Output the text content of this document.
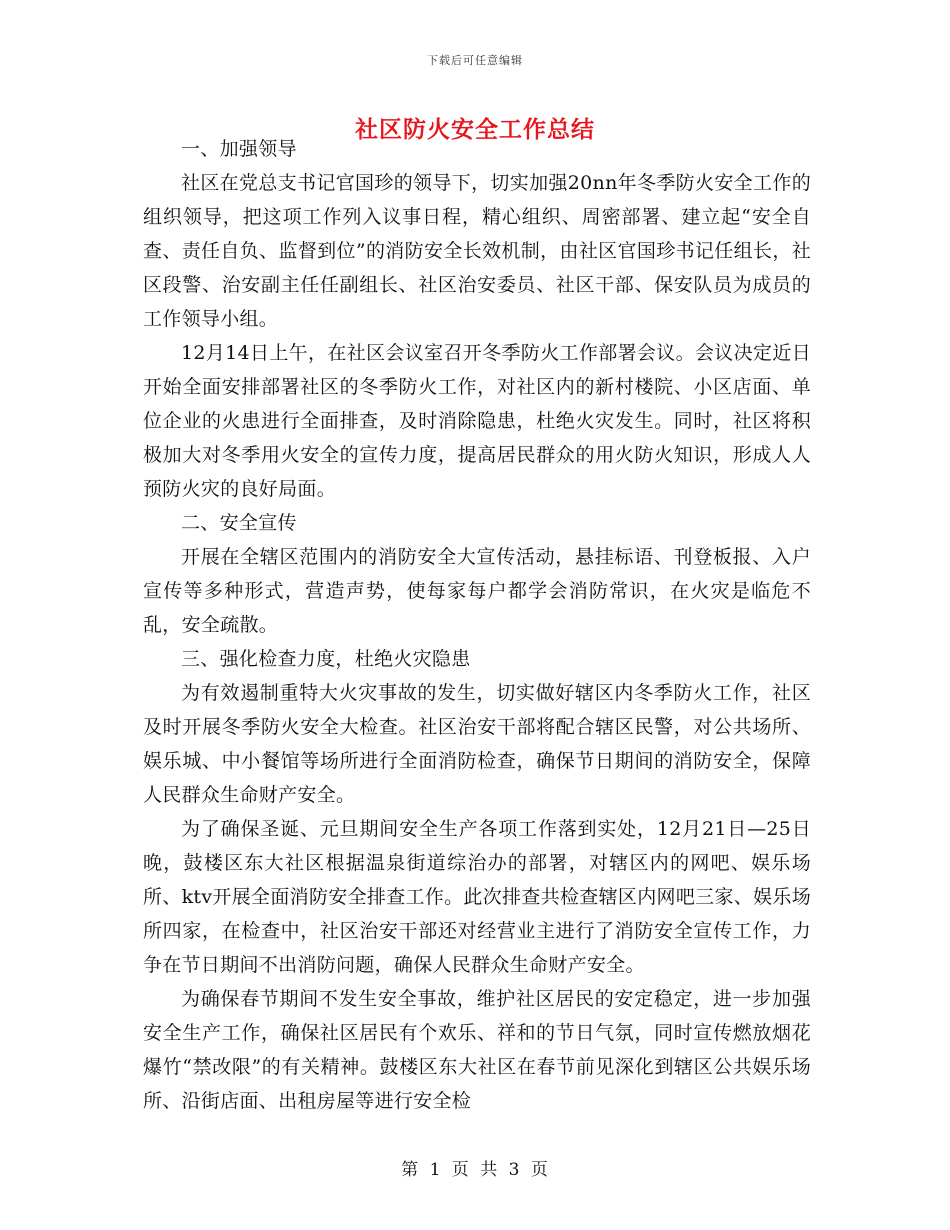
下载后可任意编辑
社区防火安全工作总结

一、加强领导

社区在党总支书记官国珍的领导下，切实加强20nn年冬季防火安全工作的组织领导，把这项工作列入议事日程，精心组织、周密部署、建立起“安全自查、责任自负、监督到位”的消防安全长效机制，由社区官国珍书记任组长，社区段警、治安副主任任副组长、社区治安委员、社区干部、保安队员为成员的工作领导小组。

12月14日上午，在社区会议室召开冬季防火工作部署会议。会议决定近日开始全面安排部署社区的冬季防火工作，对社区内的新村楼院、小区店面、单位企业的火患进行全面排查，及时消除隐患，杜绝火灾发生。同时，社区将积极加大对冬季用火安全的宣传力度，提高居民群众的用火防火知识，形成人人预防火灾的良好局面。

二、安全宣传

开展在全辖区范围内的消防安全大宣传活动，悬挂标语、刊登板报、入户宣传等多种形式，营造声势，使每家每户都学会消防常识，在火灾是临危不乱，安全疏散。

三、强化检查力度，杜绝火灾隐患

为有效遏制重特大火灾事故的发生，切实做好辖区内冬季防火工作，社区及时开展冬季防火安全大检查。社区治安干部将配合辖区民警，对公共场所、娱乐城、中小餐馆等场所进行全面消防检查，确保节日期间的消防安全，保障人民群众生命财产安全。

为了确保圣诞、元旦期间安全生产各项工作落到实处，12月21日—25日晚，鼓楼区东大社区根据温泉街道综治办的部署，对辖区内的网吧、娱乐场所、ktv开展全面消防安全排查工作。此次排查共检查辖区内网吧三家、娱乐场所四家，在检查中，社区治安干部还对经营业主进行了消防安全宣传工作，力争在节日期间不出消防问题，确保人民群众生命财产安全。

为确保春节期间不发生安全事故，维护社区居民的安定稳定，进一步加强安全生产工作，确保社区居民有个欢乐、祥和的节日气氛，同时宣传燃放烟花爆竹“禁改限”的有关精神。鼓楼区东大社区在春节前见深化到辖区公共娱乐场所、沿街店面、出租房屋等进行安全检

第 1 页 共 3 页
